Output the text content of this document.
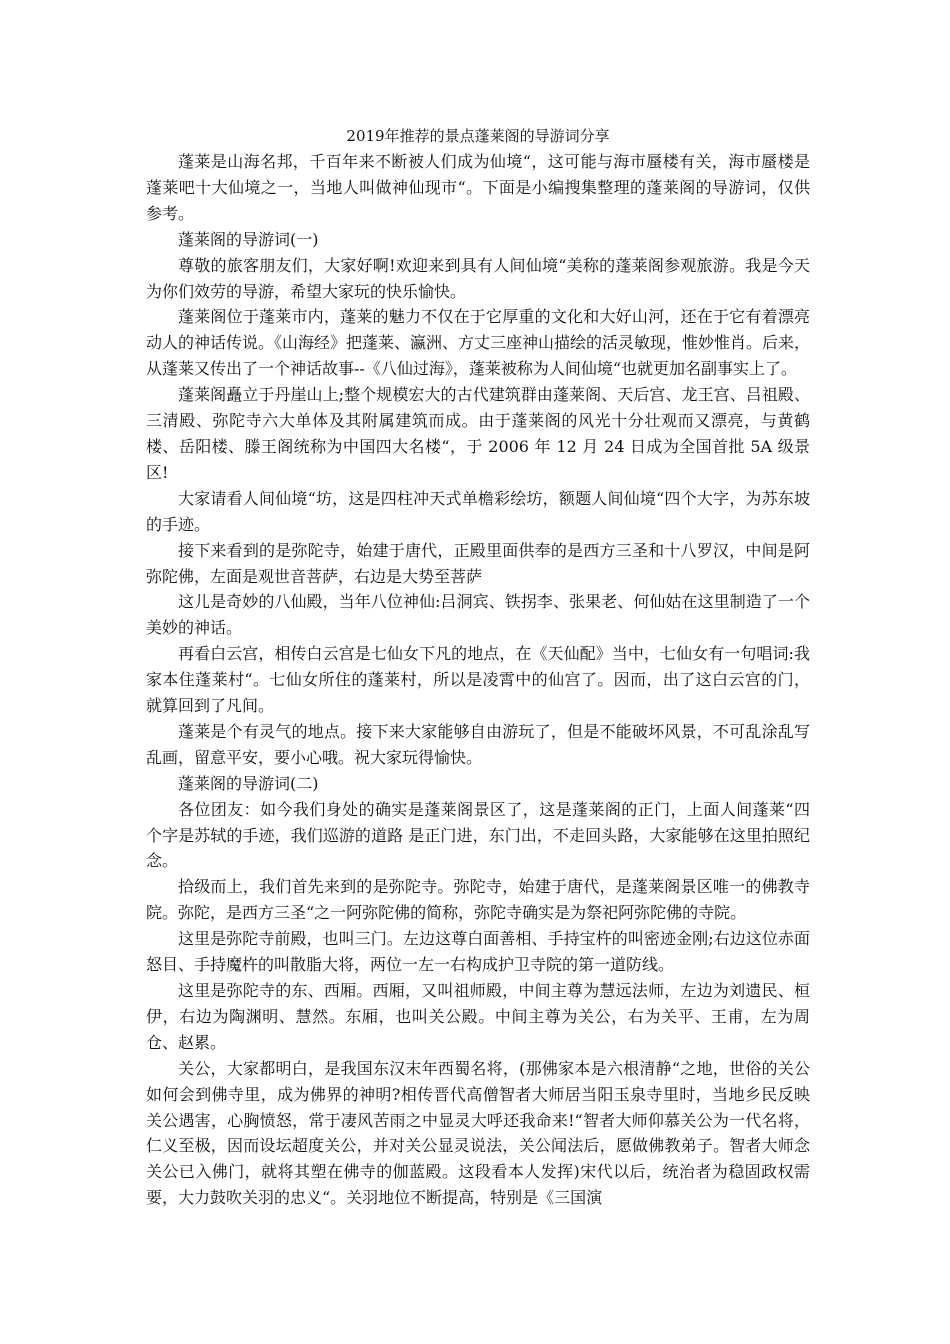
2019年推荐的景点蓬莱阁的导游词分享

蓬莱是山海名邦，千百年来不断被人们成为仙境“，这可能与海市蜃楼有关，海市蜃楼是蓬莱吧十大仙境之一，当地人叫做神仙现市“。下面是小编搜集整理的蓬莱阁的导游词，仅供参考。

蓬莱阁的导游词(一)

尊敬的旅客朋友们，大家好啊!欢迎来到具有人间仙境“美称的蓬莱阁参观旅游。我是今天为你们效劳的导游，希望大家玩的快乐愉快。

蓬莱阁位于蓬莱市内，蓬莱的魅力不仅在于它厚重的文化和大好山河，还在于它有着漂亮动人的神话传说。《山海经》把蓬莱、瀛洲、方丈三座神山描绘的活灵敏现，惟妙惟肖。后来，从蓬莱又传出了一个神话故事--《八仙过海》，蓬莱被称为人间仙境“也就更加名副事实上了。

蓬莱阁矗立于丹崖山上;整个规模宏大的古代建筑群由蓬莱阁、天后宫、龙王宫、吕祖殿、三清殿、弥陀寺六大单体及其附属建筑而成。由于蓬莱阁的风光十分壮观而又漂亮，与黄鹤楼、岳阳楼、滕王阁统称为中国四大名楼“，于 2006 年 12 月 24 日成为全国首批 5A 级景区!

大家请看人间仙境“坊，这是四柱冲天式单檐彩绘坊，额题人间仙境“四个大字，为苏东坡的手迹。

接下来看到的是弥陀寺，始建于唐代，正殿里面供奉的是西方三圣和十八罗汉，中间是阿弥陀佛，左面是观世音菩萨，右边是大势至菩萨

这儿是奇妙的八仙殿，当年八位神仙:吕洞宾、铁拐李、张果老、何仙姑在这里制造了一个美妙的神话。

再看白云宫，相传白云宫是七仙女下凡的地点，在《天仙配》当中，七仙女有一句唱词:我家本住蓬莱村“。七仙女所住的蓬莱村，所以是凌霄中的仙宫了。因而，出了这白云宫的门，就算回到了凡间。

蓬莱是个有灵气的地点。接下来大家能够自由游玩了，但是不能破坏风景，不可乱涂乱写乱画，留意平安，要小心哦。祝大家玩得愉快。

蓬莱阁的导游词(二)

各位团友：如今我们身处的确实是蓬莱阁景区了，这是蓬莱阁的正门，上面人间蓬莱“四个字是苏轼的手迹，我们巡游的道路 是正门进，东门出，不走回头路，大家能够在这里拍照纪念。

拾级而上，我们首先来到的是弥陀寺。弥陀寺，始建于唐代，是蓬莱阁景区唯一的佛教寺院。弥陀，是西方三圣“之一阿弥陀佛的简称，弥陀寺确实是为祭祀阿弥陀佛的寺院。

这里是弥陀寺前殿，也叫三门。左边这尊白面善相、手持宝杵的叫密迹金刚;右边这位赤面怒目、手持魔杵的叫散脂大将，两位一左一右构成护卫寺院的第一道防线。

这里是弥陀寺的东、西厢。西厢，又叫祖师殿，中间主尊为慧远法师，左边为刘遗民、桓伊，右边为陶渊明、慧然。东厢，也叫关公殿。中间主尊为关公，右为关平、王甫，左为周仓、赵累。

关公，大家都明白，是我国东汉末年西蜀名将，(那佛家本是六根清静“之地，世俗的关公如何会到佛寺里，成为佛界的神明?相传晋代高僧智者大师居当阳玉泉寺里时，当地乡民反映关公遇害，心胸愤怒，常于凄风苦雨之中显灵大呼还我命来!“智者大师仰慕关公为一代名将，仁义至极，因而设坛超度关公，并对关公显灵说法，关公闻法后，愿做佛教弟子。智者大师念关公已入佛门，就将其塑在佛寺的伽蓝殿。这段看本人发挥)宋代以后，统治者为稳固政权需要，大力鼓吹关羽的忠义“。关羽地位不断提高，特别是《三国演
